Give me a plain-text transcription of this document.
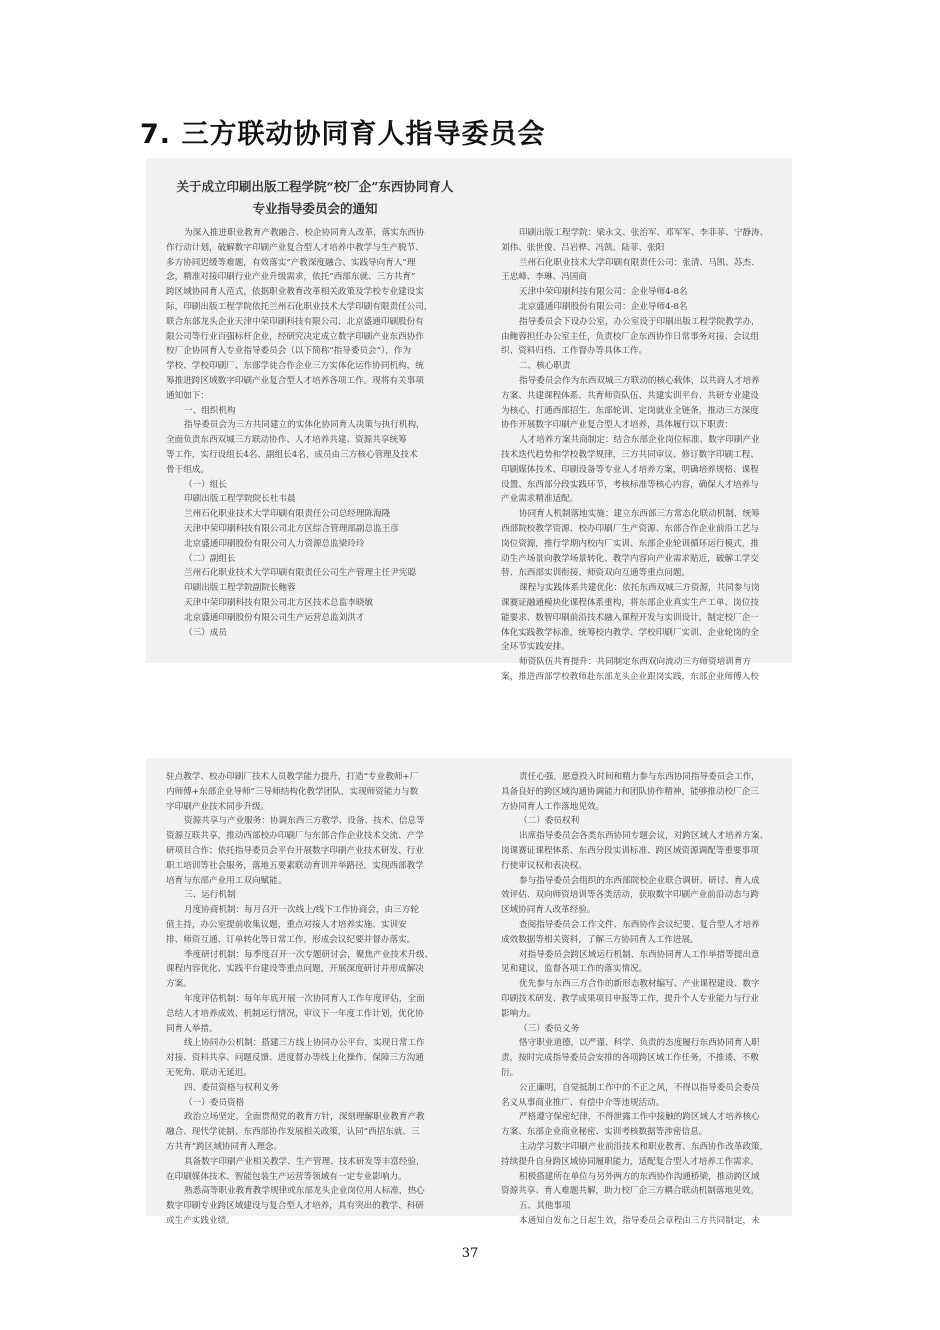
7. 三方联动协同育人指导委员会
关于成立印刷出版工程学院“校厂企”东西协同育人
专业指导委员会的通知

为深入推进职业教育产教融合、校企协同育人改革，落实东西协

作行动计划，破解数字印刷产业复合型人才培养中教学与生产脱节、

多方协同迟缓等难题，有效落实“产教深度融合、实践导向育人”理

念，精准对接印刷行业产业升级需求，依托“西部东就、三方共育”

跨区域协同育人范式，依据职业教育改革相关政策及学校专业建设实

际，印刷出版工程学院依托兰州石化职业技术大学印刷有限责任公司，

联合东部龙头企业天津中荣印刷科技有限公司、北京盛通印刷股份有

限公司等行业百强标杆企业，经研究决定成立数字印刷产业东西协作

校厂企协同育人专业指导委员会（以下简称“指导委员会”），作为

学校、学校印刷厂、东部学徒合作企业三方实体化运作协同机构，统

筹推进跨区域数字印刷产业复合型人才培养各项工作。现将有关事项

通知如下：

一、组织机构

指导委员会为三方共同建立的实体化协同育人决策与执行机构，

全面负责东西双城三方联动协作、人才培养共建、资源共享统筹

等工作，实行设组长4名、副组长4名，成员由三方核心管理及技术

骨干组成。

（一）组长

印刷出版工程学院院长杜韦晨

兰州石化职业技术大学印刷有限责任公司总经理陈海隆

天津中荣印刷科技有限公司北方区综合管理部副总监王彦

北京盛通印刷股份有限公司人力资源总监梁玲玲

（二）副组长

兰州石化职业技术大学印刷有限责任公司生产管理主任尹宪聪

印刷出版工程学院副院长鲍蓉

天津中荣印刷科技有限公司北方区技术总监李晓敏

北京盛通印刷股份有限公司生产运营总监刘洪才

（三）成员

印刷出版工程学院：梁永文、张治军、邓军军、李菲菲、宁静涛、

刘伟、张世俊、吕岩桦、冯凯、陆菲、张阳

兰州石化职业技术大学印刷有限责任公司：张清、马凯、苏杰、

王忠峰、李琳、冯国商

天津中荣印刷科技有限公司：企业导师4-8名

北京盛通印刷股份有限公司：企业导师4-8名

指导委员会下设办公室，办公室设于印刷出版工程学院教学办，

由鲍蓉担任办公室主任，负责校厂企东西协作日常事务对接、会议组

织、资料归档、工作督办等具体工作。

二、核心职责

指导委员会作为东西双城三方联动的核心载体，以共商人才培养

方案、共建课程体系、共育师资队伍、共建实训平台、共研专业建设

为核心，打通西部招生、东部轮训、定岗就业全链条，推动三方深度

协作开展数字印刷产业复合型人才培养，具体履行以下职责：

人才培养方案共商制定：结合东部企业岗位标准、数字印刷产业

技术迭代趋势和学校教学规律，三方共同审议、修订数字印刷工程、

印刷媒体技术、印刷设备等专业人才培养方案，明确培养规格、课程

设置、东西部分段实践环节，考核标准等核心内容，确保人才培养与

产业需求精准适配。

协同育人机制落地实施：建立东西部三方常态化联动机制，统筹

西部院校教学资源、校办印刷厂生产资源、东部合作企业前沿工艺与

岗位资源，推行学期内校内厂实训、东部企业轮训循环运行模式，推

动生产场景向教学场景转化、教学内容向产业需求贴近，破解工学交

替、东西部实训衔接、师资双向互通等重点问题。

课程与实践体系共建优化：依托东西双城三方资源，共同参与岗

课赛证融通模块化课程体系重构，将东部企业真实生产工单、岗位技

能要求、数智印刷前沿技术融入课程开发与实训设计，制定校厂企一

体化实践教学标准，统筹校内教学、学校印刷厂实训、企业轮岗的全

全环节实践安排。

师资队伍共育提升：共同制定东西双向流动三方师资培训育方

案，推进西部学校教师赴东部龙头企业跟岗实践，东部企业师傅入校

驻点教学、校办印刷厂技术人员教学能力提升，打造“专业教师+厂

内师傅+东部企业导师”三导师结构化教学团队，实现师资能力与数

字印刷产业技术同步升级。

资源共享与产业服务：协调东西三方教学、设备、技术、信息等

资源互联共享，推动西部校办印刷厂与东部合作企业技术交流、产学

研项目合作；依托指导委员会平台开展数字印刷产业技术研发、行业

职工培训等社会服务，落地五要素联动育训并举路径，实现西部教学

培育与东部产业用工双向赋能。

三、运行机制

月度协商机制：每月召开一次线上/线下工作协商会，由三方轮

值主持，办公室提前收集议题，重点对接人才培养实施、实训安

排、师资互通、订单转化等日常工作，形成会议纪要并督办落实。

季度研讨机制：每季度召开一次专题研讨会，聚焦产业技术升级、

课程内容优化、实践平台建设等重点问题，开展深度研讨并形成解决

方案。

年度评估机制：每年年底开展一次协同育人工作年度评估，全面

总结人才培养成效、机制运行情况，审议下一年度工作计划，优化协

同育人举措。

线上协同办公机制：搭建三方线上协同办公平台，实现日常工作

对接、资料共享、问题反馈、进度督办等线上化操作，保障三方沟通

无死角、联动无延迟。

四、委员资格与权利义务

（一）委员资格

政治立场坚定，全面贯彻党的教育方针，深刻理解职业教育产教

融合、现代学徒制、东西部协作发展相关政策，认同“西招东就、三

方共育”跨区域协同育人理念。

具备数字印刷产业相关教学、生产管理、技术研发等丰富经验，

在印刷媒体技术、智能包装生产运营等领域有一定专业影响力。

熟悉高等职业教育教学规律或东部龙头企业岗位用人标准，热心

数字印刷专业跨区域建设与复合型人才培养，具有突出的教学、科研

或生产实践业绩。

责任心强，愿意投入时间和精力参与东西协同指导委员会工作，

具备良好的跨区域沟通协调能力和团队协作精神，能够推动校厂企三

方协同育人工作落地见效。

（二）委员权利

出席指导委员会各类东西协同专题会议，对跨区域人才培养方案、

岗课赛证课程体系、东西分段实训标准、跨区域资源调配等重要事项

行使审议权和表决权。

参与指导委员会组织的东西部院校企业联合调研、研讨、育人成

效评估、双向师资培训等各类活动，获取数字印刷产业前沿动态与跨

区域协同育人改革经验。

查阅指导委员会工作文件、东西协作会议纪要、复合型人才培养

成效数据等相关资料，了解三方协同育人工作进展。

对指导委员会跨区域运行机制、东西协同育人工作举措等提出意

见和建议，监督各项工作的落实情况。

优先参与东西三方合作的新形态教材编写、产业课程建设、数字

印刷技术研发、教学成果项目申报等工作，提升个人专业能力与行业

影响力。

（三）委员义务

恪守职业道德，以严谨、科学、负责的态度履行东西协同育人职

责，按时完成指导委员会安排的各项跨区域工作任务，不推诿、不敷

衍。

公正廉明，自觉抵制工作中的不正之风，不得以指导委员会委员

名义从事商业推广、有偿中介等违规活动。

严格遵守保密纪律，不得泄露工作中接触的跨区域人才培养核心

方案、东部企业商业秘密、实训考核数据等涉密信息。

主动学习数字印刷产业前沿技术和职业教育、东西协作改革政策，

持续提升自身跨区域协同履职能力，适配复合型人才培养工作需求。

积极搭建所在单位与另外两方的东西协作沟通桥梁，推动跨区域

资源共享、育人难题共解，助力校厂企三方耦合联动机制落地见效。

五、其他事项

本通知自发布之日起生效，指导委员会章程由三方共同制定，未

37
